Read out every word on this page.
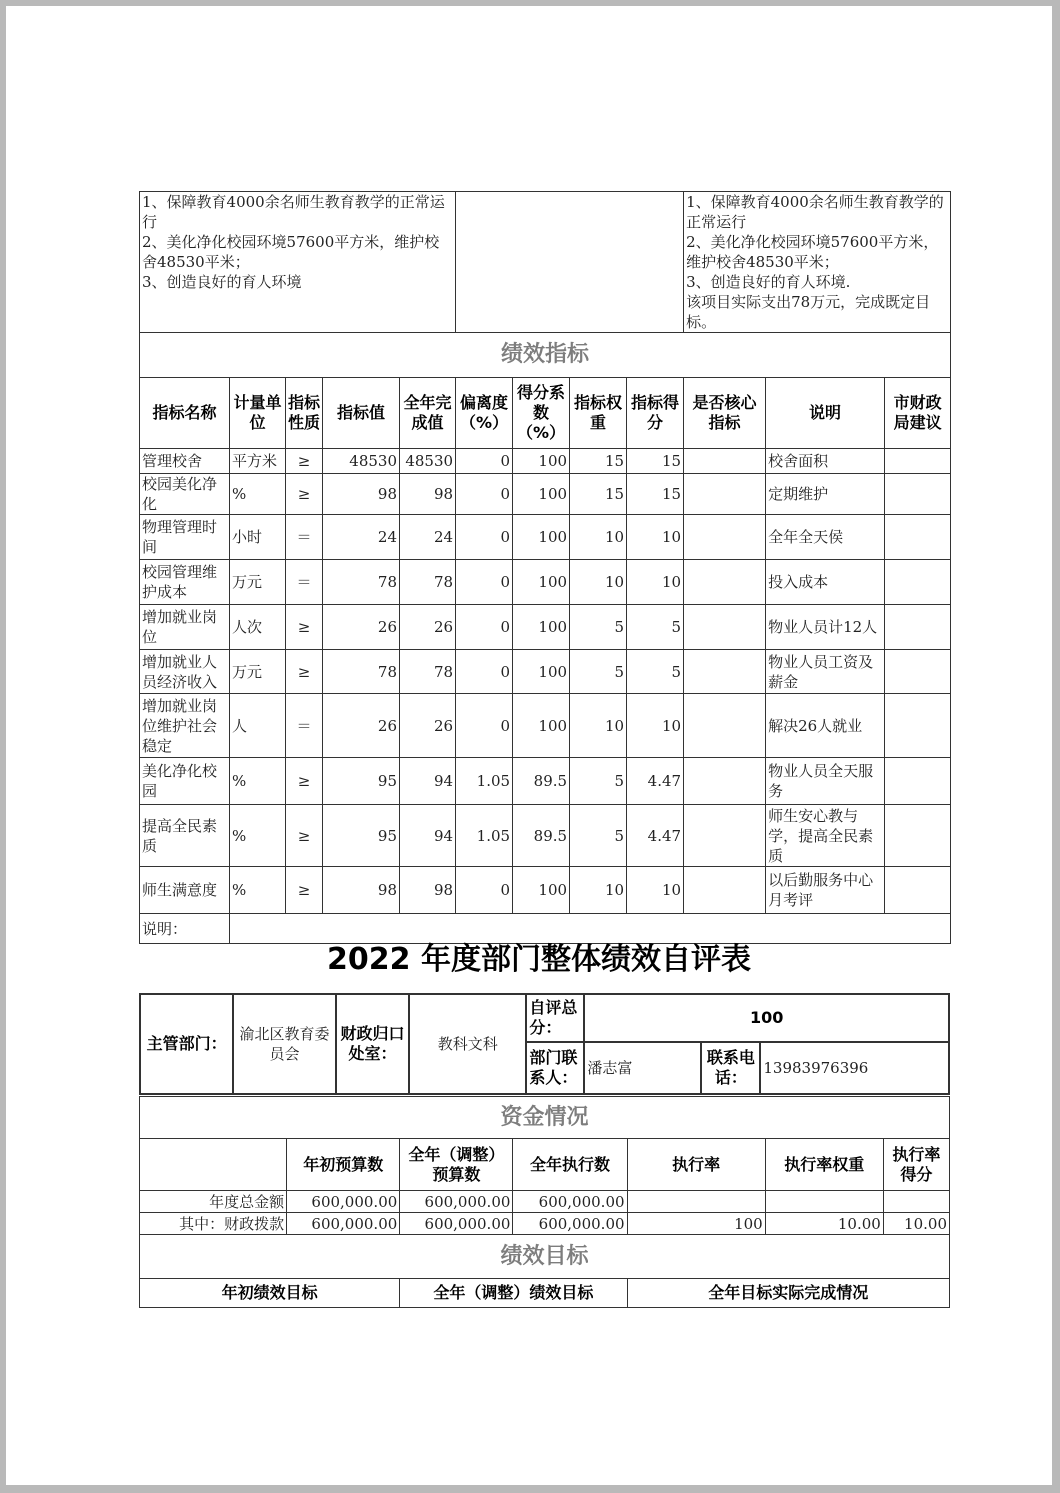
1、保障教育4000余名师生教育教学的正常运行
2、美化净化校园环境57600平方米，维护校舍48530平米；
3、创造良好的育人环境									1、保障教育4000余名师生教育教学的正常运行
2、美化净化校园环境57600平方米，维护校舍48530平米；
3、创造良好的育人环境.
该项目实际支出78万元，完成既定目标。		
绩效指标											
指标名称	计量单位	指标性质	指标值	全年完成值	偏离度（%）	得分系数（%）	指标权重	指标得分	是否核心指标	说明	市财政局建议
管理校舍	平方米	≥	48530	48530	0	100	15	15		校舍面积	
校园美化净化	%	≥	98	98	0	100	15	15		定期维护	
物理管理时间	小时	＝	24	24	0	100	10	10		全年全天侯	
校园管理维护成本	万元	＝	78	78	0	100	10	10		投入成本	
增加就业岗位	人次	≥	26	26	0	100	5	5		物业人员计12人	
增加就业人员经济收入	万元	≥	78	78	0	100	5	5		物业人员工资及薪金	
增加就业岗位维护社会稳定	人	＝	26	26	0	100	10	10		解决26人就业	
美化净化校园	%	≥	95	94	1.05	89.5	5	4.47		物业人员全天服务	
提高全民素质	%	≥	95	94	1.05	89.5	5	4.47		师生安心教与学，提高全民素质	
师生满意度	%	≥	98	98	0	100	10	10		以后勤服务中心月考评	
说明：											
2022 年度部门整体绩效自评表
主管部门：	渝北区教育委员会	财政归口处室：	教科文科	自评总分：	100		
				部门联系人：	潘志富	联系电话：	13983976396
资金情况						
	年初预算数	全年（调整）预算数	全年执行数	执行率	执行率权重	执行率得分
年度总金额	600,000.00	600,000.00	600,000.00			
其中：财政拨款	600,000.00	600,000.00	600,000.00	100	10.00	10.00
绩效目标						
年初绩效目标		全年（调整）绩效目标		全年目标实际完成情况		
